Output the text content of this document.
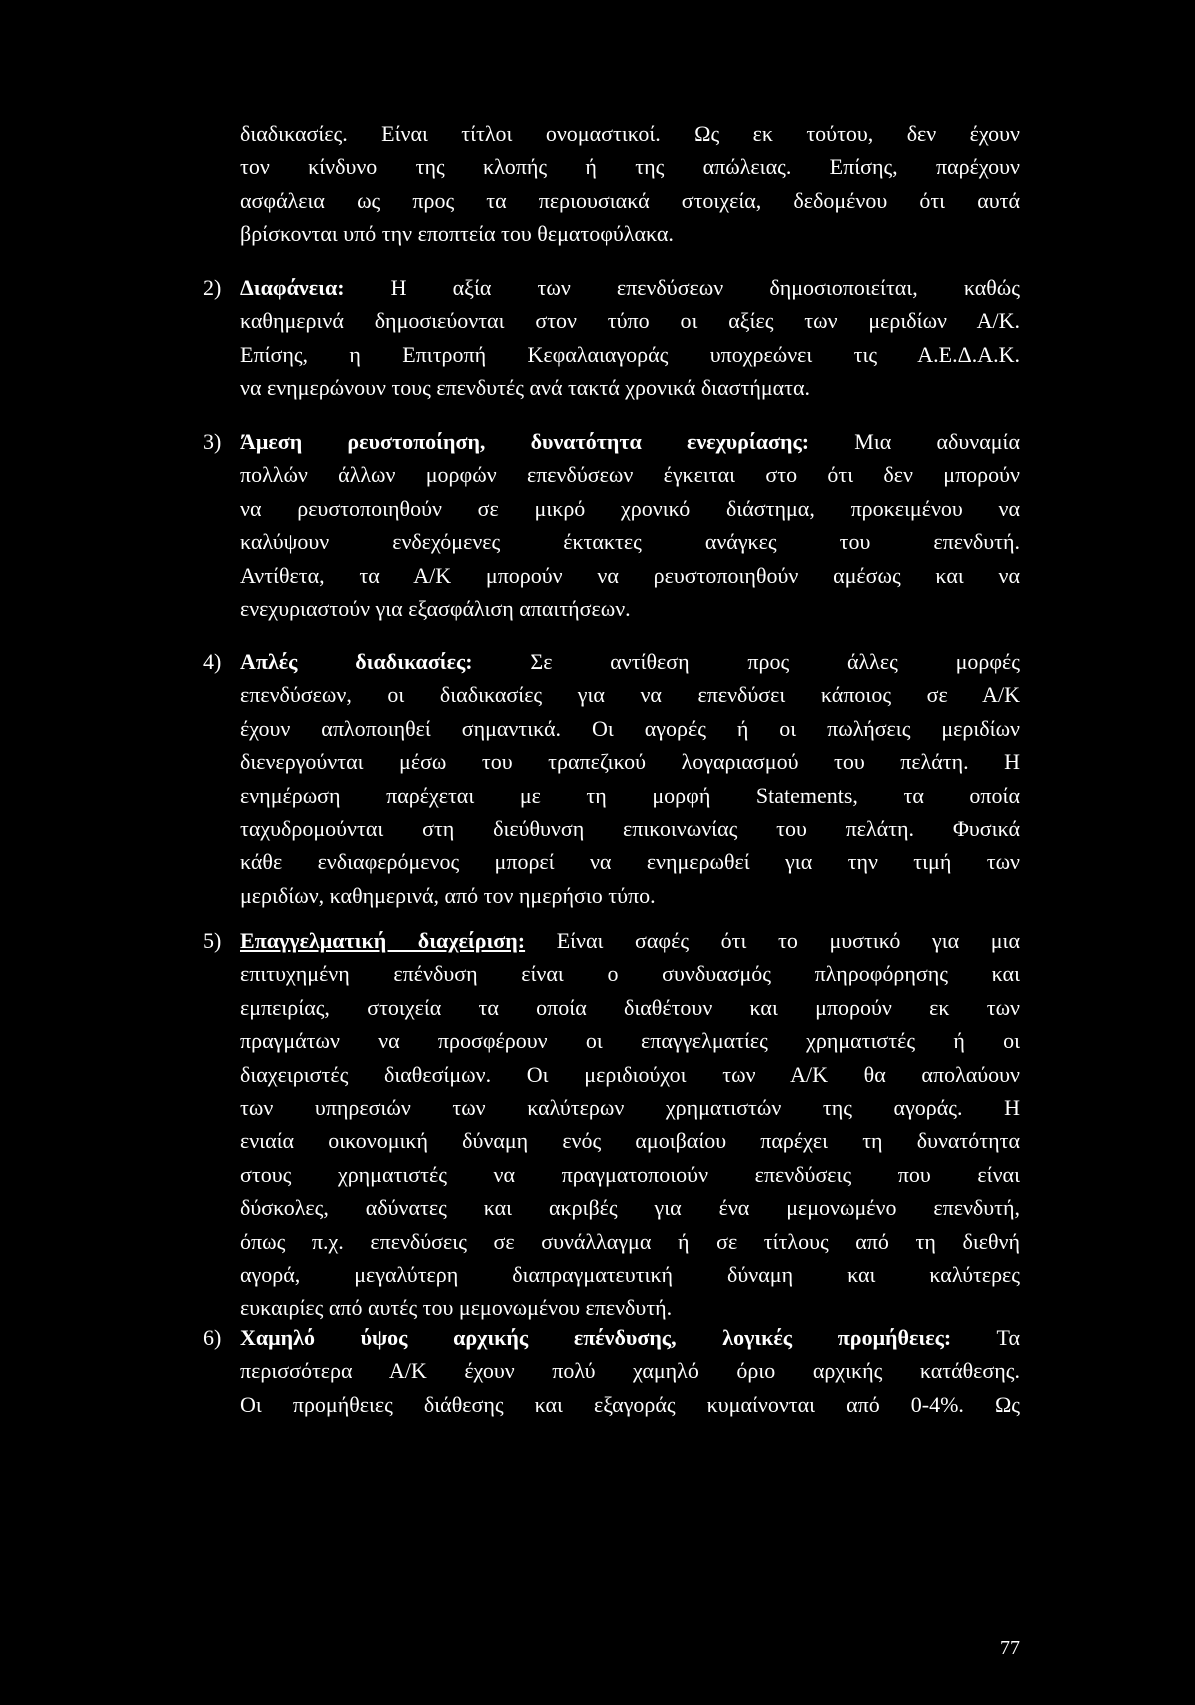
διαδικασίες. Είναι τίτλοι ονομαστικοί. Ως εκ τούτου, δεν έχουν
τον κίνδυνο της κλοπής ή της απώλειας. Επίσης, παρέχουν
ασφάλεια ως προς τα περιουσιακά στοιχεία, δεδομένου ότι αυτά
βρίσκονται υπό την εποπτεία του θεματοφύλακα.
2) Διαφάνεια: Η αξία των επενδύσεων δημοσιοποιείται, καθώς
καθημερινά δημοσιεύονται στον τύπο οι αξίες των μεριδίων Α/Κ.
Επίσης, η Επιτροπή Κεφαλαιαγοράς υποχρεώνει τις Α.Ε.Δ.Α.Κ.
να ενημερώνουν τους επενδυτές ανά τακτά χρονικά διαστήματα.
3) Άμεση ρευστοποίηση, δυνατότητα ενεχυρίασης: Μια αδυναμία
πολλών άλλων μορφών επενδύσεων έγκειται στο ότι δεν μπορούν
να ρευστοποιηθούν σε μικρό χρονικό διάστημα, προκειμένου να
καλύψουν ενδεχόμενες έκτακτες ανάγκες του επενδυτή.
Αντίθετα, τα Α/Κ μπορούν να ρευστοποιηθούν αμέσως και να
ενεχυριαστούν για εξασφάλιση απαιτήσεων.
4) Απλές διαδικασίες: Σε αντίθεση προς άλλες μορφές
επενδύσεων, οι διαδικασίες για να επενδύσει κάποιος σε Α/Κ
έχουν απλοποιηθεί σημαντικά. Οι αγορές ή οι πωλήσεις μεριδίων
διενεργούνται μέσω του τραπεζικού λογαριασμού του πελάτη. Η
ενημέρωση παρέχεται με τη μορφή Statements, τα οποία
ταχυδρομούνται στη διεύθυνση επικοινωνίας του πελάτη. Φυσικά
κάθε ενδιαφερόμενος μπορεί να ενημερωθεί για την τιμή των
μεριδίων, καθημερινά, από τον ημερήσιο τύπο.
5) Επαγγελματική διαχείριση: Είναι σαφές ότι το μυστικό για μια
επιτυχημένη επένδυση είναι ο συνδυασμός πληροφόρησης και
εμπειρίας, στοιχεία τα οποία διαθέτουν και μπορούν εκ των
πραγμάτων να προσφέρουν οι επαγγελματίες χρηματιστές ή οι
διαχειριστές διαθεσίμων. Οι μεριδιούχοι των Α/Κ θα απολαύουν
των υπηρεσιών των καλύτερων χρηματιστών της αγοράς. Η
ενιαία οικονομική δύναμη ενός αμοιβαίου παρέχει τη δυνατότητα
στους χρηματιστές να πραγματοποιούν επενδύσεις που είναι
δύσκολες, αδύνατες και ακριβές για ένα μεμονωμένο επενδυτή,
όπως π.χ. επενδύσεις σε συνάλλαγμα ή σε τίτλους από τη διεθνή
αγορά, μεγαλύτερη διαπραγματευτική δύναμη και καλύτερες
ευκαιρίες από αυτές του μεμονωμένου επενδυτή.
6) Χαμηλό ύψος αρχικής επένδυσης, λογικές προμήθειες: Τα
περισσότερα Α/Κ έχουν πολύ χαμηλό όριο αρχικής κατάθεσης.
Οι προμήθειες διάθεσης και εξαγοράς κυμαίνονται από 0-4%. Ως
77
